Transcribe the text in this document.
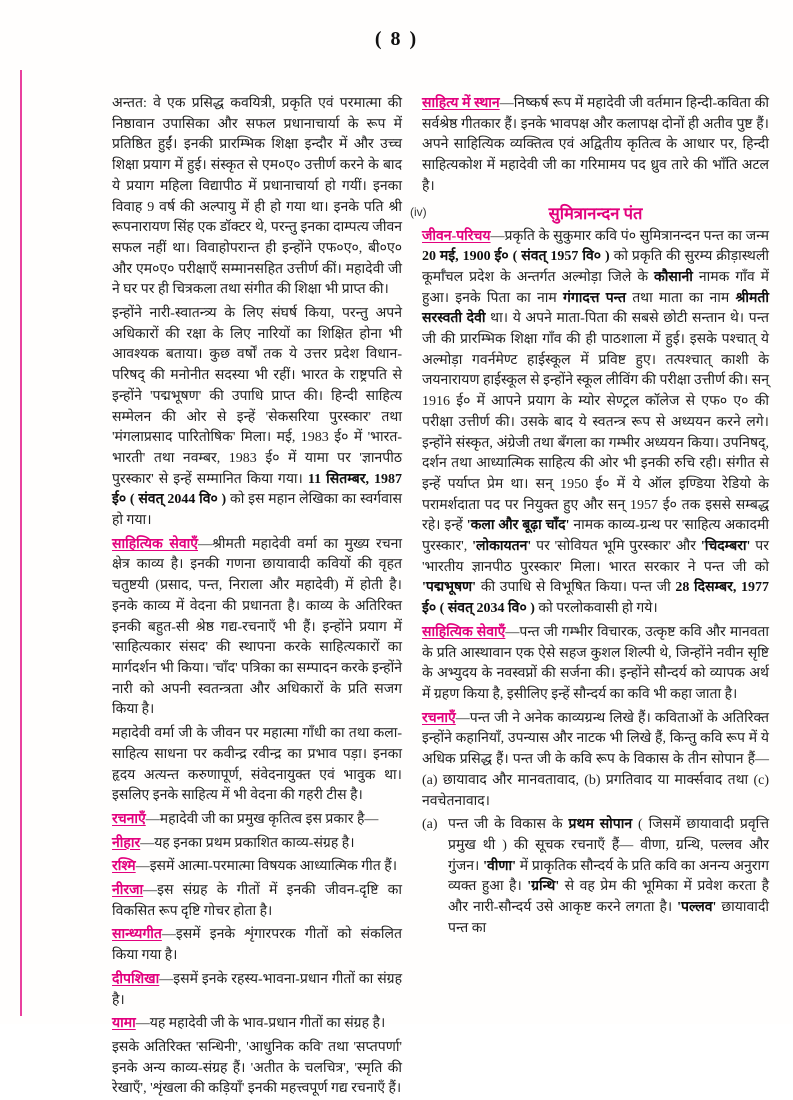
( 8 )

अन्तत: वे एक प्रसिद्ध कवयित्री, प्रकृति एवं परमात्मा की निष्ठावान उपासिका और सफल प्रधानाचार्या के रूप में प्रतिष्ठित हुईं। इनकी प्रारम्भिक शिक्षा इन्दौर में और उच्च शिक्षा प्रयाग में हुई। संस्कृत से एम०ए० उत्तीर्ण करने के बाद ये प्रयाग महिला विद्यापीठ में प्रधानाचार्या हो गयीं। इनका विवाह 9 वर्ष की अल्पायु में ही हो गया था। इनके पति श्री रूपनारायण सिंह एक डॉक्टर थे, परन्तु इनका दाम्पत्य जीवन सफल नहीं था। विवाहोपरान्त ही इन्होंने एफ०ए०, बी०ए० और एम०ए० परीक्षाएँ सम्मानसहित उत्तीर्ण कीं। महादेवी जी ने घर पर ही चित्रकला तथा संगीत की शिक्षा भी प्राप्त की।

इन्होंने नारी-स्वातन्त्र्य के लिए संघर्ष किया, परन्तु अपने अधिकारों की रक्षा के लिए नारियों का शिक्षित होना भी आवश्यक बताया। कुछ वर्षों तक ये उत्तर प्रदेश विधान-परिषद् की मनोनीत सदस्या भी रहीं। भारत के राष्ट्रपति से इन्होंने 'पद्मभूषण' की उपाधि प्राप्त की। हिन्दी साहित्य सम्मेलन की ओर से इन्हें 'सेकसरिया पुरस्कार' तथा 'मंगलाप्रसाद पारितोषिक' मिला। मई, 1983 ई० में 'भारत-भारती' तथा नवम्बर, 1983 ई० में यामा पर 'ज्ञानपीठ पुरस्कार' से इन्हें सम्मानित किया गया। 11 सितम्बर, 1987 ई० ( संवत् 2044 वि० ) को इस महान लेखिका का स्वर्गवास हो गया।

साहित्यिक सेवाएँ—श्रीमती महादेवी वर्मा का मुख्य रचना क्षेत्र काव्य है। इनकी गणना छायावादी कवियों की वृहत चतुष्टयी (प्रसाद, पन्त, निराला और महादेवी) में होती है। इनके काव्य में वेदना की प्रधानता है। काव्य के अतिरिक्त इनकी बहुत-सी श्रेष्ठ गद्य-रचनाएँ भी हैं। इन्होंने प्रयाग में 'साहित्यकार संसद' की स्थापना करके साहित्यकारों का मार्गदर्शन भी किया। 'चाँद' पत्रिका का सम्पादन करके इन्होंने नारी को अपनी स्वतन्त्रता और अधिकारों के प्रति सजग किया है।

महादेवी वर्मा जी के जीवन पर महात्मा गाँधी का तथा कला-साहित्य साधना पर कवीन्द्र रवीन्द्र का प्रभाव पड़ा। इनका हृदय अत्यन्त करुणापूर्ण, संवेदनायुक्त एवं भावुक था। इसलिए इनके साहित्य में भी वेदना की गहरी टीस है।

रचनाएँ—महादेवी जी का प्रमुख कृतित्व इस प्रकार है—

नीहार—यह इनका प्रथम प्रकाशित काव्य-संग्रह है।

रश्मि—इसमें आत्मा-परमात्मा विषयक आध्यात्मिक गीत हैं।

नीरजा—इस संग्रह के गीतों में इनकी जीवन-दृष्टि का विकसित रूप दृष्टि गोचर होता है।

सान्ध्यगीत—इसमें इनके शृंगारपरक गीतों को संकलित किया गया है।

दीपशिखा—इसमें इनके रहस्य-भावना-प्रधान गीतों का संग्रह है।

यामा—यह महादेवी जी के भाव-प्रधान गीतों का संग्रह है।

इसके अतिरिक्त 'सन्धिनी', 'आधुनिक कवि' तथा 'सप्तपर्णा' इनके अन्य काव्य-संग्रह हैं। 'अतीत के चलचित्र', 'स्मृति की रेखाएँ', 'शृंखला की कड़ियाँ' इनकी महत्त्वपूर्ण गद्य रचनाएँ हैं।

साहित्य में स्थान—निष्कर्ष रूप में महादेवी जी वर्तमान हिन्दी-कविता की सर्वश्रेष्ठ गीतकार हैं। इनके भावपक्ष और कलापक्ष दोनों ही अतीव पुष्ट हैं। अपने साहित्यिक व्यक्तित्व एवं अद्वितीय कृतित्व के आधार पर, हिन्दी साहित्यकोश में महादेवी जी का गरिमामय पद ध्रुव तारे की भाँति अटल है।

(iv)	सुमित्रानन्दन पंत

जीवन-परिचय—प्रकृति के सुकुमार कवि पं० सुमित्रानन्दन पन्त का जन्म 20 मई, 1900 ई० ( संवत् 1957 वि० ) को प्रकृति की सुरम्य क्रीड़ास्थली कूर्माँचल प्रदेश के अन्तर्गत अल्मोड़ा जिले के कौसानी नामक गाँव में हुआ। इनके पिता का नाम गंगादत्त पन्त तथा माता का नाम श्रीमती सरस्वती देवी था। ये अपने माता-पिता की सबसे छोटी सन्तान थे। पन्त जी की प्रारम्भिक शिक्षा गाँव की ही पाठशाला में हुई। इसके पश्चात् ये अल्मोड़ा गवर्नमेण्ट हाईस्कूल में प्रविष्ट हुए। तत्पश्चात् काशी के जयनारायण हाईस्कूल से इन्होंने स्कूल लीविंग की परीक्षा उत्तीर्ण की। सन् 1916 ई० में आपने प्रयाग के म्योर सेण्ट्रल कॉलेज से एफ० ए० की परीक्षा उत्तीर्ण की। उसके बाद ये स्वतन्त्र रूप से अध्ययन करने लगे। इन्होंने संस्कृत, अंग्रेजी तथा बँगला का गम्भीर अध्ययन किया। उपनिषद्, दर्शन तथा आध्यात्मिक साहित्य की ओर भी इनकी रुचि रही। संगीत से इन्हें पर्याप्त प्रेम था। सन् 1950 ई० में ये ऑल इण्डिया रेडियो के परामर्शदाता पद पर नियुक्त हुए और सन् 1957 ई० तक इससे सम्बद्ध रहे। इन्हें 'कला और बूढ़ा चाँद' नामक काव्य-ग्रन्थ पर 'साहित्य अकादमी पुरस्कार', 'लोकायतन' पर 'सोवियत भूमि पुरस्कार' और 'चिदम्बरा' पर 'भारतीय ज्ञानपीठ पुरस्कार' मिला। भारत सरकार ने पन्त जी को 'पद्मभूषण' की उपाधि से विभूषित किया। पन्त जी 28 दिसम्बर, 1977 ई० ( संवत् 2034 वि० ) को परलोकवासी हो गये।

साहित्यिक सेवाएँ—पन्त जी गम्भीर विचारक, उत्कृष्ट कवि और मानवता के प्रति आस्थावान एक ऐसे सहज कुशल शिल्पी थे, जिन्होंने नवीन सृष्टि के अभ्युदय के नवस्वप्नों की सर्जना की। इन्होंने सौन्दर्य को व्यापक अर्थ में ग्रहण किया है, इसीलिए इन्हें सौन्दर्य का कवि भी कहा जाता है।

रचनाएँ—पन्त जी ने अनेक काव्यग्रन्थ लिखे हैं। कविताओं के अतिरिक्त इन्होंने कहानियाँ, उपन्यास और नाटक भी लिखे हैं, किन्तु कवि रूप में ये अधिक प्रसिद्ध हैं। पन्त जी के कवि रूप के विकास के तीन सोपान हैं—(a) छायावाद और मानवतावाद, (b) प्रगतिवाद या मार्क्सवाद तथा (c) नवचेतनावाद।

(a) पन्त जी के विकास के प्रथम सोपान ( जिसमें छायावादी प्रवृत्ति प्रमुख थी ) की सूचक रचनाएँ हैं— वीणा, ग्रन्थि, पल्लव और गुंजन। 'वीणा' में प्राकृतिक सौन्दर्य के प्रति कवि का अनन्य अनुराग व्यक्त हुआ है। 'ग्रन्थि' से वह प्रेम की भूमिका में प्रवेश करता है और नारी-सौन्दर्य उसे आकृष्ट करने लगता है। 'पल्लव' छायावादी पन्त का
